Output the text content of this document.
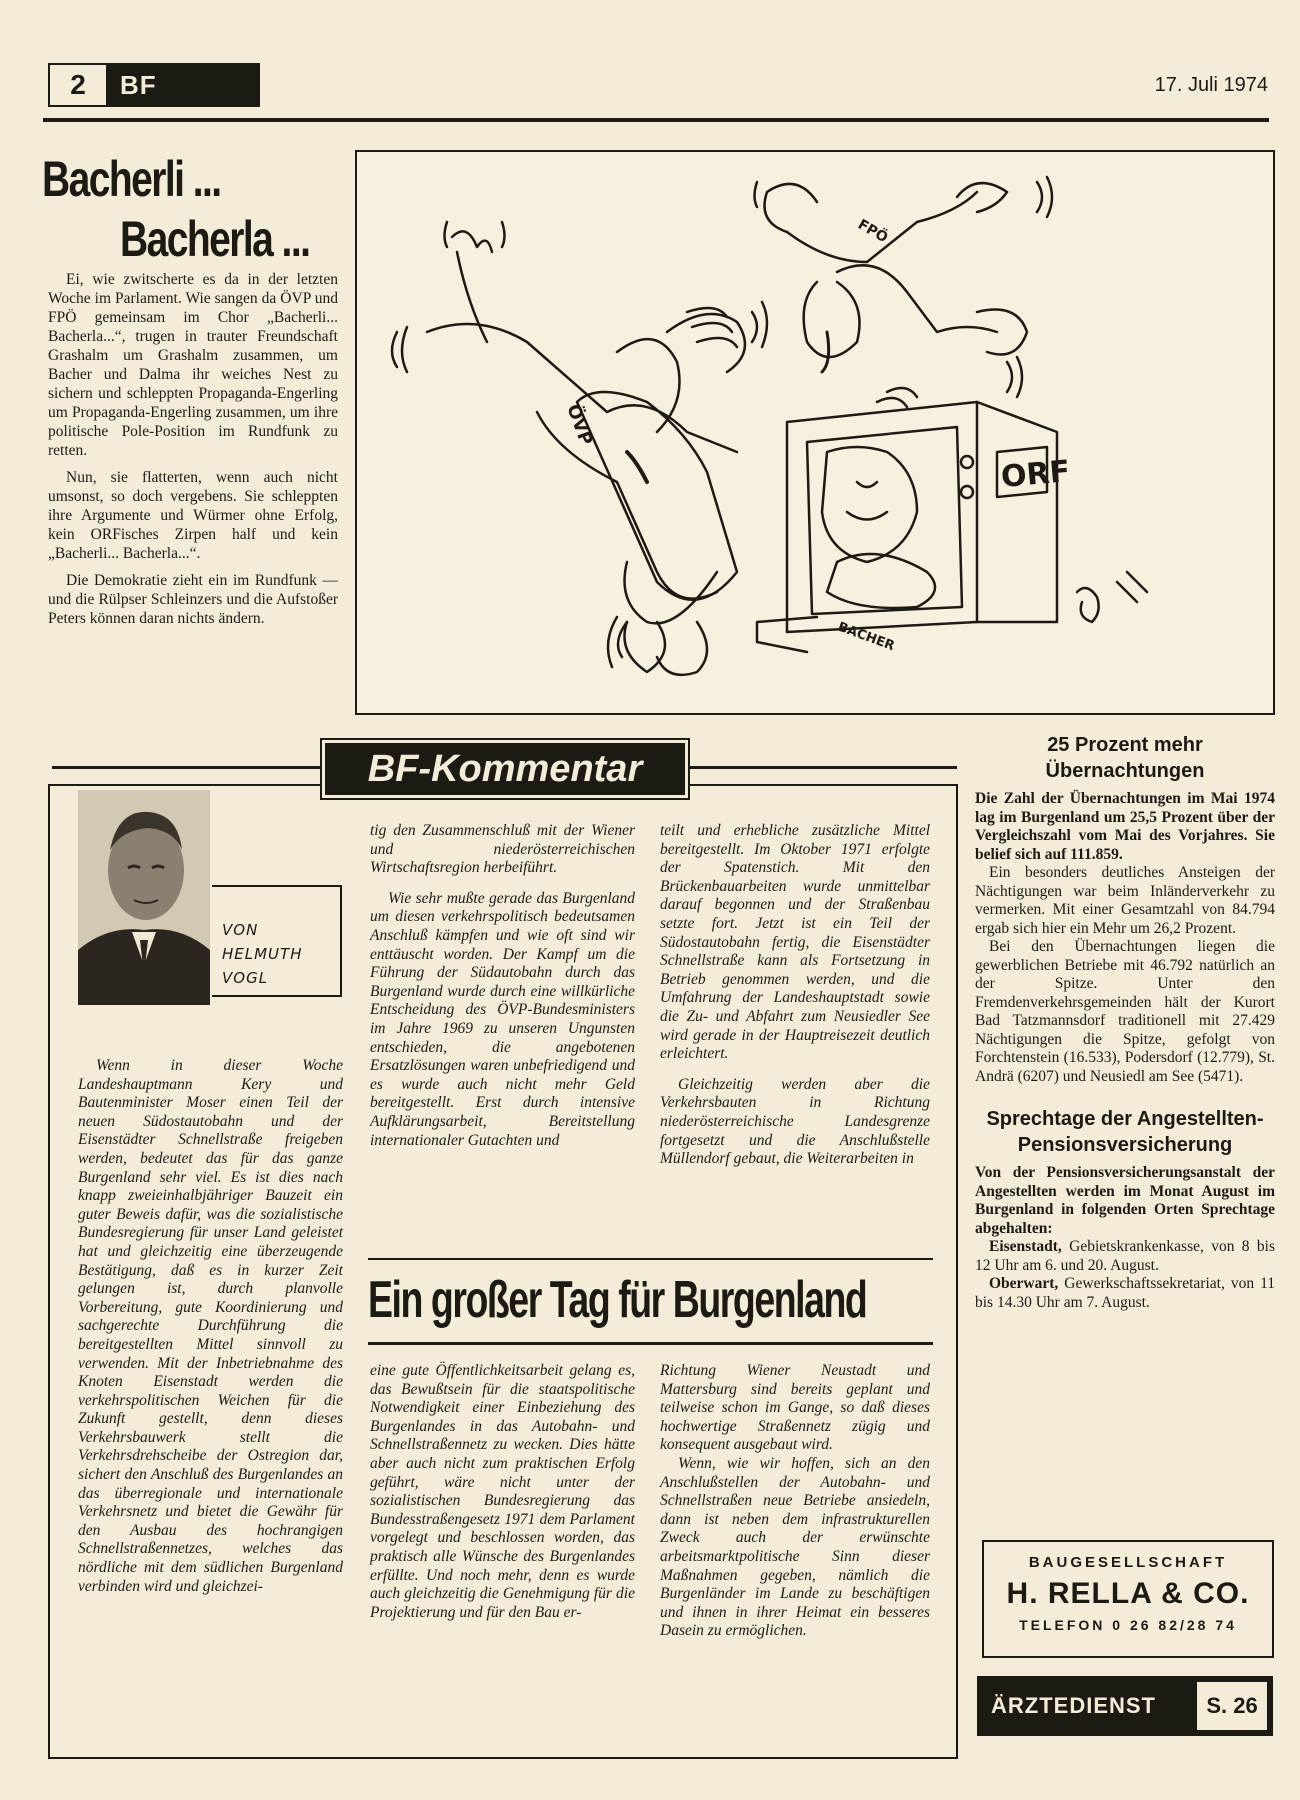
2	BF	17. Juli 1974
Bacherli ...
Bacherla ...

Ei, wie zwitscherte es da in der letzten Woche im Parlament. Wie sangen da ÖVP und FPÖ gemeinsam im Chor „Bacherli... Bacherla...“, trugen in trauter Freundschaft Grashalm um Grashalm zusammen, um Bacher und Dalma ihr weiches Nest zu sichern und schleppten Propaganda-Engerling um Propaganda-Engerling zusammen, um ihre politische Pole-Position im Rundfunk zu retten.

Nun, sie flatterten, wenn auch nicht umsonst, so doch vergebens. Sie schleppten ihre Argumente und Würmer ohne Erfolg, kein ORFisches Zirpen half und kein „Bacherli... Bacherla...“.

Die Demokratie zieht ein im Rundfunk — und die Rülpser Schleinzers und die Aufstoßer Peters können daran nichts ändern.

ÖVP
FPÖ
ORF
BACHER
25 Prozent mehr Übernachtungen

Die Zahl der Übernachtungen im Mai 1974 lag im Burgenland um 25,5 Prozent über der Vergleichszahl vom Mai des Vorjahres. Sie belief sich auf 111.859.

Ein besonders deutliches Ansteigen der Nächtigungen war beim Inländerverkehr zu vermerken. Mit einer Gesamtzahl von 84.794 ergab sich hier ein Mehr um 26,2 Prozent.

Bei den Übernachtungen liegen die gewerblichen Betriebe mit 46.792 natürlich an der Spitze. Unter den Fremdenverkehrsgemeinden hält der Kurort Bad Tatzmannsdorf traditionell mit 27.429 Nächtigungen die Spitze, gefolgt von Forchtenstein (16.533), Podersdorf (12.779), St. Andrä (6207) und Neusiedl am See (5471).

Sprechtage der Angestellten-Pensionsversicherung

Von der Pensionsversicherungsanstalt der Angestellten werden im Monat August im Burgenland in folgenden Orten Sprechtage abgehalten:

Eisenstadt, Gebietskrankenkasse, von 8 bis 12 Uhr am 6. und 20. August.

Oberwart, Gewerkschaftssekretariat, von 11 bis 14.30 Uhr am 7. August.

BAUGESELLSCHAFT
H. RELLA & CO.
TELEFON 0 26 82/28 74
ÄRZTEDIENST	S. 26
BF-Kommentar
VON
HELMUTH
VOGL

Wenn in dieser Woche Landeshauptmann Kery und Bautenminister Moser einen Teil der neuen Südostautobahn und der Eisenstädter Schnellstraße freigeben werden, bedeutet das für das ganze Burgenland sehr viel. Es ist dies nach knapp zweieinhalbjähriger Bauzeit ein guter Beweis dafür, was die sozialistische Bundesregierung für unser Land geleistet hat und gleichzeitig eine überzeugende Bestätigung, daß es in kurzer Zeit gelungen ist, durch planvolle Vorbereitung, gute Koordinierung und sachgerechte Durchführung die bereitgestellten Mittel sinnvoll zu verwenden. Mit der Inbetriebnahme des Knoten Eisenstadt werden die verkehrspolitischen Weichen für die Zukunft gestellt, denn dieses Verkehrsbauwerk stellt die Verkehrsdrehscheibe der Ostregion dar, sichert den Anschluß des Burgenlandes an das überregionale und internationale Verkehrsnetz und bietet die Gewähr für den Ausbau des hochrangigen Schnellstraßennetzes, welches das nördliche mit dem südlichen Burgenland verbinden wird und gleichzei-

tig den Zusammenschluß mit der Wiener und niederösterreichischen Wirtschaftsregion herbeiführt.

Wie sehr mußte gerade das Burgenland um diesen verkehrspolitisch bedeutsamen Anschluß kämpfen und wie oft sind wir enttäuscht worden. Der Kampf um die Führung der Südautobahn durch das Burgenland wurde durch eine willkürliche Entscheidung des ÖVP-Bundesministers im Jahre 1969 zu unseren Ungunsten entschieden, die angebotenen Ersatzlösungen waren unbefriedigend und es wurde auch nicht mehr Geld bereitgestellt. Erst durch intensive Aufklärungsarbeit, Bereitstellung internationaler Gutachten und

teilt und erhebliche zusätzliche Mittel bereitgestellt. Im Oktober 1971 erfolgte der Spatenstich. Mit den Brückenbauarbeiten wurde unmittelbar darauf begonnen und der Straßenbau setzte fort. Jetzt ist ein Teil der Südostautobahn fertig, die Eisenstädter Schnellstraße kann als Fortsetzung in Betrieb genommen werden, und die Umfahrung der Landeshauptstadt sowie die Zu- und Abfahrt zum Neusiedler See wird gerade in der Hauptreisezeit deutlich erleichtert.

Gleichzeitig werden aber die Verkehrsbauten in Richtung niederösterreichische Landesgrenze fortgesetzt und die Anschlußstelle Müllendorf gebaut, die Weiterarbeiten in

Ein großer Tag für Burgenland

eine gute Öffentlichkeitsarbeit gelang es, das Bewußtsein für die staatspolitische Notwendigkeit einer Einbeziehung des Burgenlandes in das Autobahn- und Schnellstraßennetz zu wecken. Dies hätte aber auch nicht zum praktischen Erfolg geführt, wäre nicht unter der sozialistischen Bundesregierung das Bundesstraßengesetz 1971 dem Parlament vorgelegt und beschlossen worden, das praktisch alle Wünsche des Burgenlandes erfüllte. Und noch mehr, denn es wurde auch gleichzeitig die Genehmigung für die Projektierung und für den Bau er-

Richtung Wiener Neustadt und Mattersburg sind bereits geplant und teilweise schon im Gange, so daß dieses hochwertige Straßennetz zügig und konsequent ausgebaut wird.

Wenn, wie wir hoffen, sich an den Anschlußstellen der Autobahn- und Schnellstraßen neue Betriebe ansiedeln, dann ist neben dem infrastrukturellen Zweck auch der erwünschte arbeitsmarktpolitische Sinn dieser Maßnahmen gegeben, nämlich die Burgenländer im Lande zu beschäftigen und ihnen in ihrer Heimat ein besseres Dasein zu ermöglichen.
